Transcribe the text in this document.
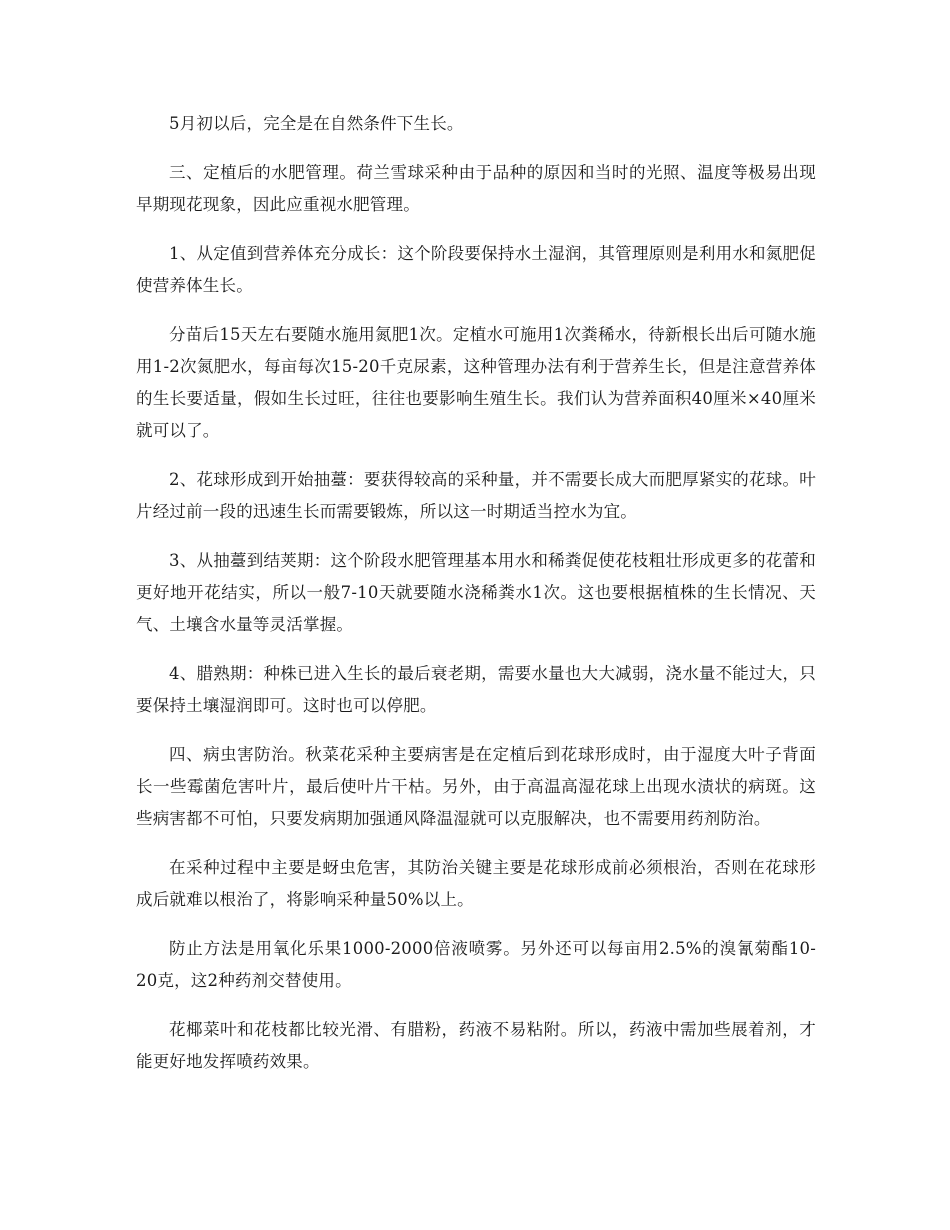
5月初以后，完全是在自然条件下生长。

三、定植后的水肥管理。荷兰雪球采种由于品种的原因和当时的光照、温度等极易出现早期现花现象，因此应重视水肥管理。

1、从定值到营养体充分成长：这个阶段要保持水土湿润，其管理原则是利用水和氮肥促使营养体生长。

分苗后15天左右要随水施用氮肥1次。定植水可施用1次粪稀水，待新根长出后可随水施用1-2次氮肥水，每亩每次15-20千克尿素，这种管理办法有利于营养生长，但是注意营养体的生长要适量，假如生长过旺，往往也要影响生殖生长。我们认为营养面积40厘米×40厘米就可以了。

2、花球形成到开始抽薹：要获得较高的采种量，并不需要长成大而肥厚紧实的花球。叶片经过前一段的迅速生长而需要锻炼，所以这一时期适当控水为宜。

3、从抽薹到结荚期：这个阶段水肥管理基本用水和稀粪促使花枝粗壮形成更多的花蕾和更好地开花结实，所以一般7-10天就要随水浇稀粪水1次。这也要根据植株的生长情况、天气、土壤含水量等灵活掌握。

4、腊熟期：种株已进入生长的最后衰老期，需要水量也大大减弱，浇水量不能过大，只要保持土壤湿润即可。这时也可以停肥。

四、病虫害防治。秋菜花采种主要病害是在定植后到花球形成时，由于湿度大叶子背面长一些霉菌危害叶片，最后使叶片干枯。另外，由于高温高湿花球上出现水渍状的病斑。这些病害都不可怕，只要发病期加强通风降温湿就可以克服解决，也不需要用药剂防治。

在采种过程中主要是蚜虫危害，其防治关键主要是花球形成前必须根治，否则在花球形成后就难以根治了，将影响采种量50%以上。

防止方法是用氧化乐果1000-2000倍液喷雾。另外还可以每亩用2.5%的溴氰菊酯10-20克，这2种药剂交替使用。

花椰菜叶和花枝都比较光滑、有腊粉，药液不易粘附。所以，药液中需加些展着剂，才能更好地发挥喷药效果。
